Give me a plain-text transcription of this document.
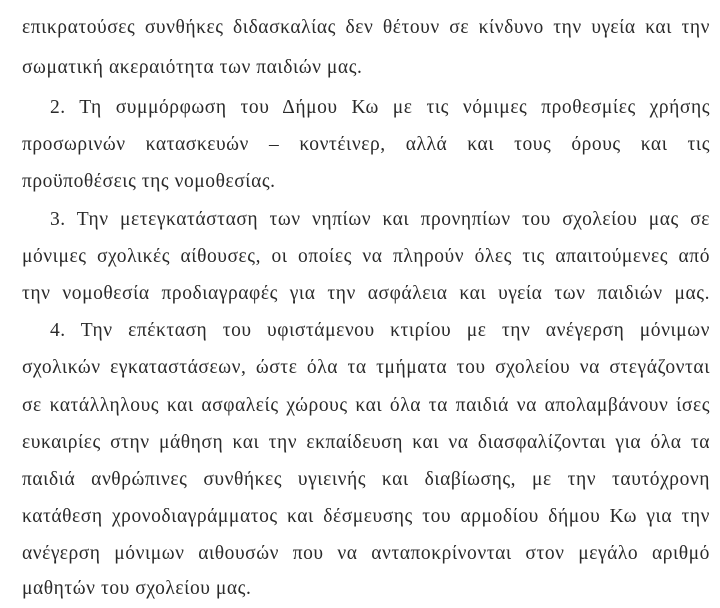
επικρατούσες συνθήκες διδασκαλίας δεν θέτουν σε κίνδυνο την υγεία και την
σωματική ακεραιότητα των παιδιών μας.
2. Τη συμμόρφωση του Δήμου Κω με τις νόμιμες προθεσμίες χρήσης
προσωρινών κατασκευών – κοντέινερ, αλλά και τους όρους και τις
προϋποθέσεις της νομοθεσίας.
3. Την μετεγκατάσταση των νηπίων και προνηπίων του σχολείου μας σε
μόνιμες σχολικές αίθουσες, οι οποίες να πληρούν όλες τις απαιτούμενες από
την νομοθεσία προδιαγραφές για την ασφάλεια και υγεία των παιδιών μας.
4. Την επέκταση του υφιστάμενου κτιρίου με την ανέγερση μόνιμων
σχολικών εγκαταστάσεων, ώστε όλα τα τμήματα του σχολείου να στεγάζονται
σε κατάλληλους και ασφαλείς χώρους και όλα τα παιδιά να απολαμβάνουν ίσες
ευκαιρίες στην μάθηση και την εκπαίδευση και να διασφαλίζονται για όλα τα
παιδιά ανθρώπινες συνθήκες υγιεινής και διαβίωσης, με την ταυτόχρονη
κατάθεση χρονοδιαγράμματος και δέσμευσης του αρμοδίου δήμου Κω για την
ανέγερση μόνιμων αιθουσών που να ανταποκρίνονται στον μεγάλο αριθμό
μαθητών του σχολείου μας.
